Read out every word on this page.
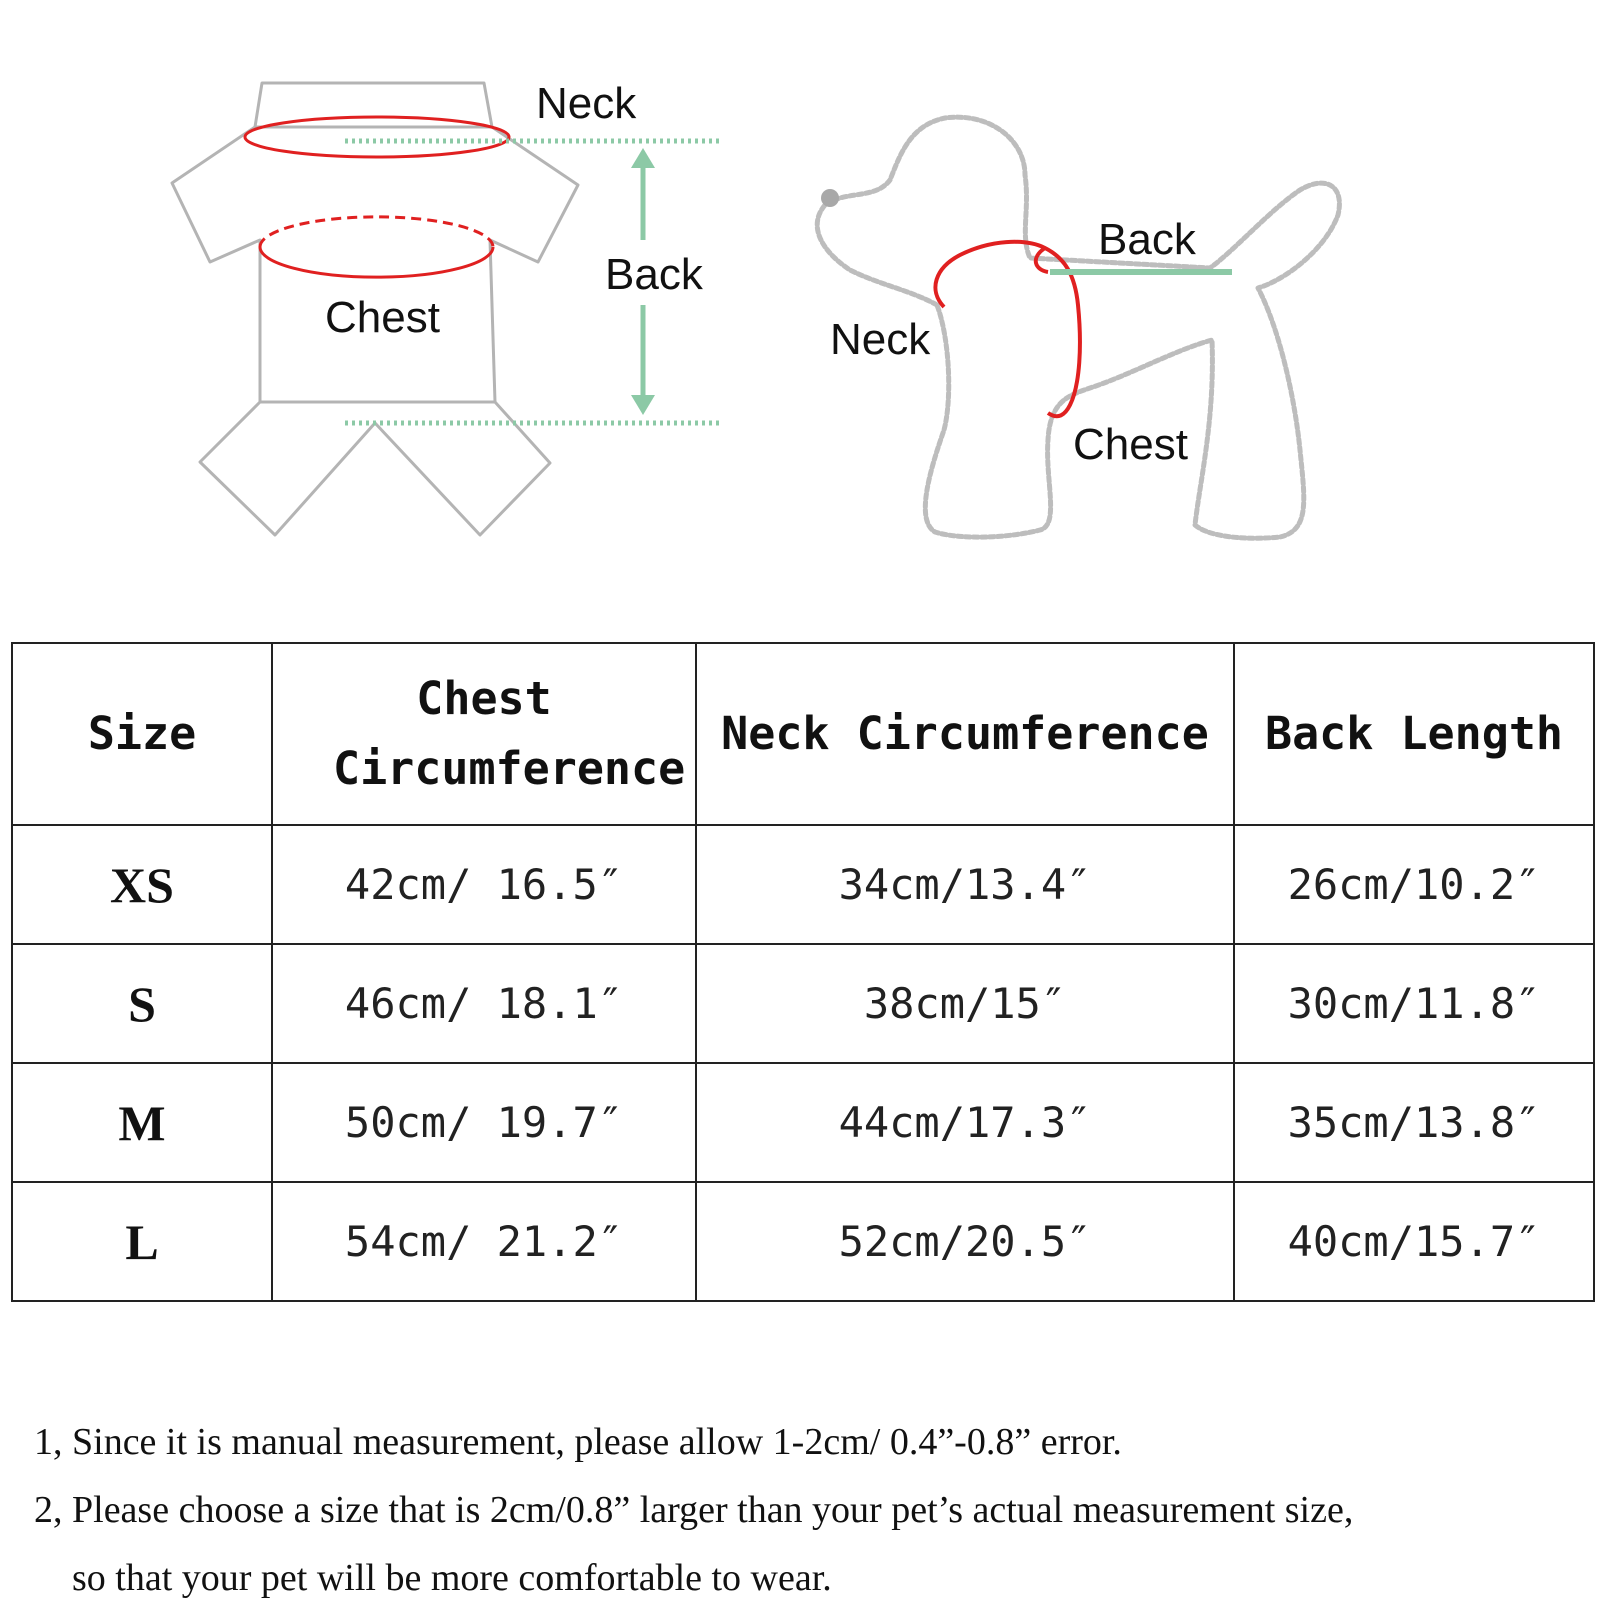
Neck
Back
Chest
Back
Neck
Chest
Size	Chest Circumference	Neck Circumference	Back Length
XS	42cm/ 16.5″	34cm/13.4″	26cm/10.2″
S	46cm/ 18.1″	38cm/15″	30cm/11.8″
M	50cm/ 19.7″	44cm/17.3″	35cm/13.8″
L	54cm/ 21.2″	52cm/20.5″	40cm/15.7″
1, Since it is manual measurement, please allow 1-2cm/ 0.4”-0.8” error.
2, Please choose a size that is 2cm/0.8” larger than your pet’s actual measurement size,
so that your pet will be more comfortable to wear.
